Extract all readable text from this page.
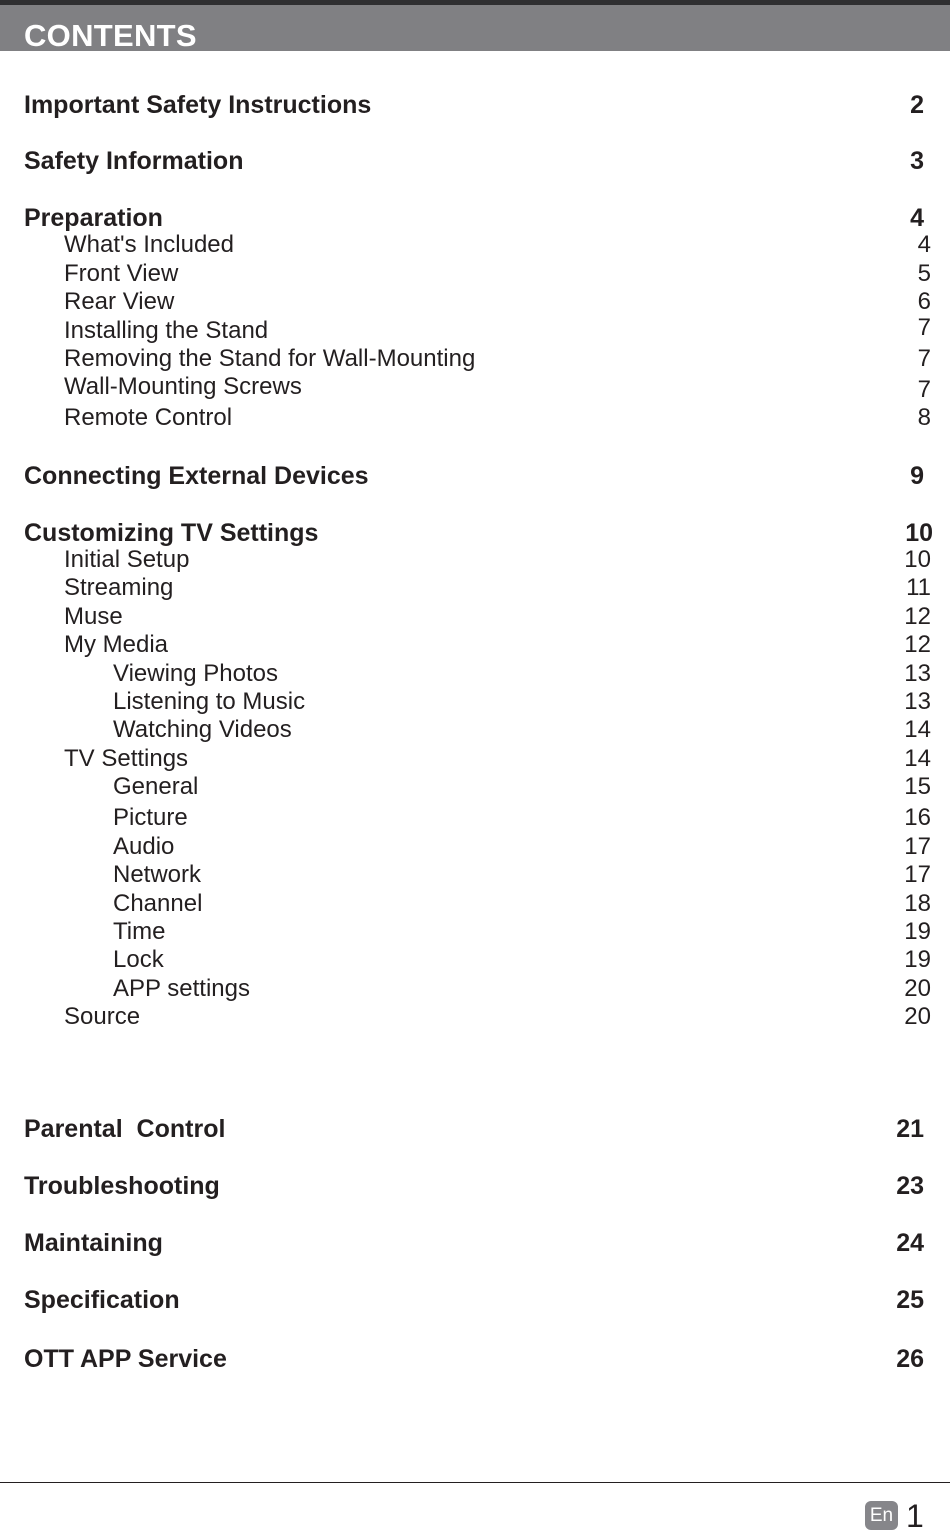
CONTENTS
Important Safety Instructions	2
Safety Information	3
Preparation	4
What's Included	4
Front View	5
Rear View	6
Installing the Stand	7
Removing the Stand for Wall-Mounting	7
Wall-Mounting Screws	7
Remote Control	8
Connecting External Devices	9
Customizing TV Settings	10
Initial Setup	10
Streaming	11
Muse	12
My Media	12
Viewing Photos	13
Listening to Music	13
Watching Videos	14
TV Settings	14
General	15
Picture	16
Audio	17
Network	17
Channel	18
Time	19
Lock	19
APP settings	20
Source	20
Parental  Control	21
Troubleshooting	23
Maintaining	24
Specification	25
OTT APP Service	26
En 1
